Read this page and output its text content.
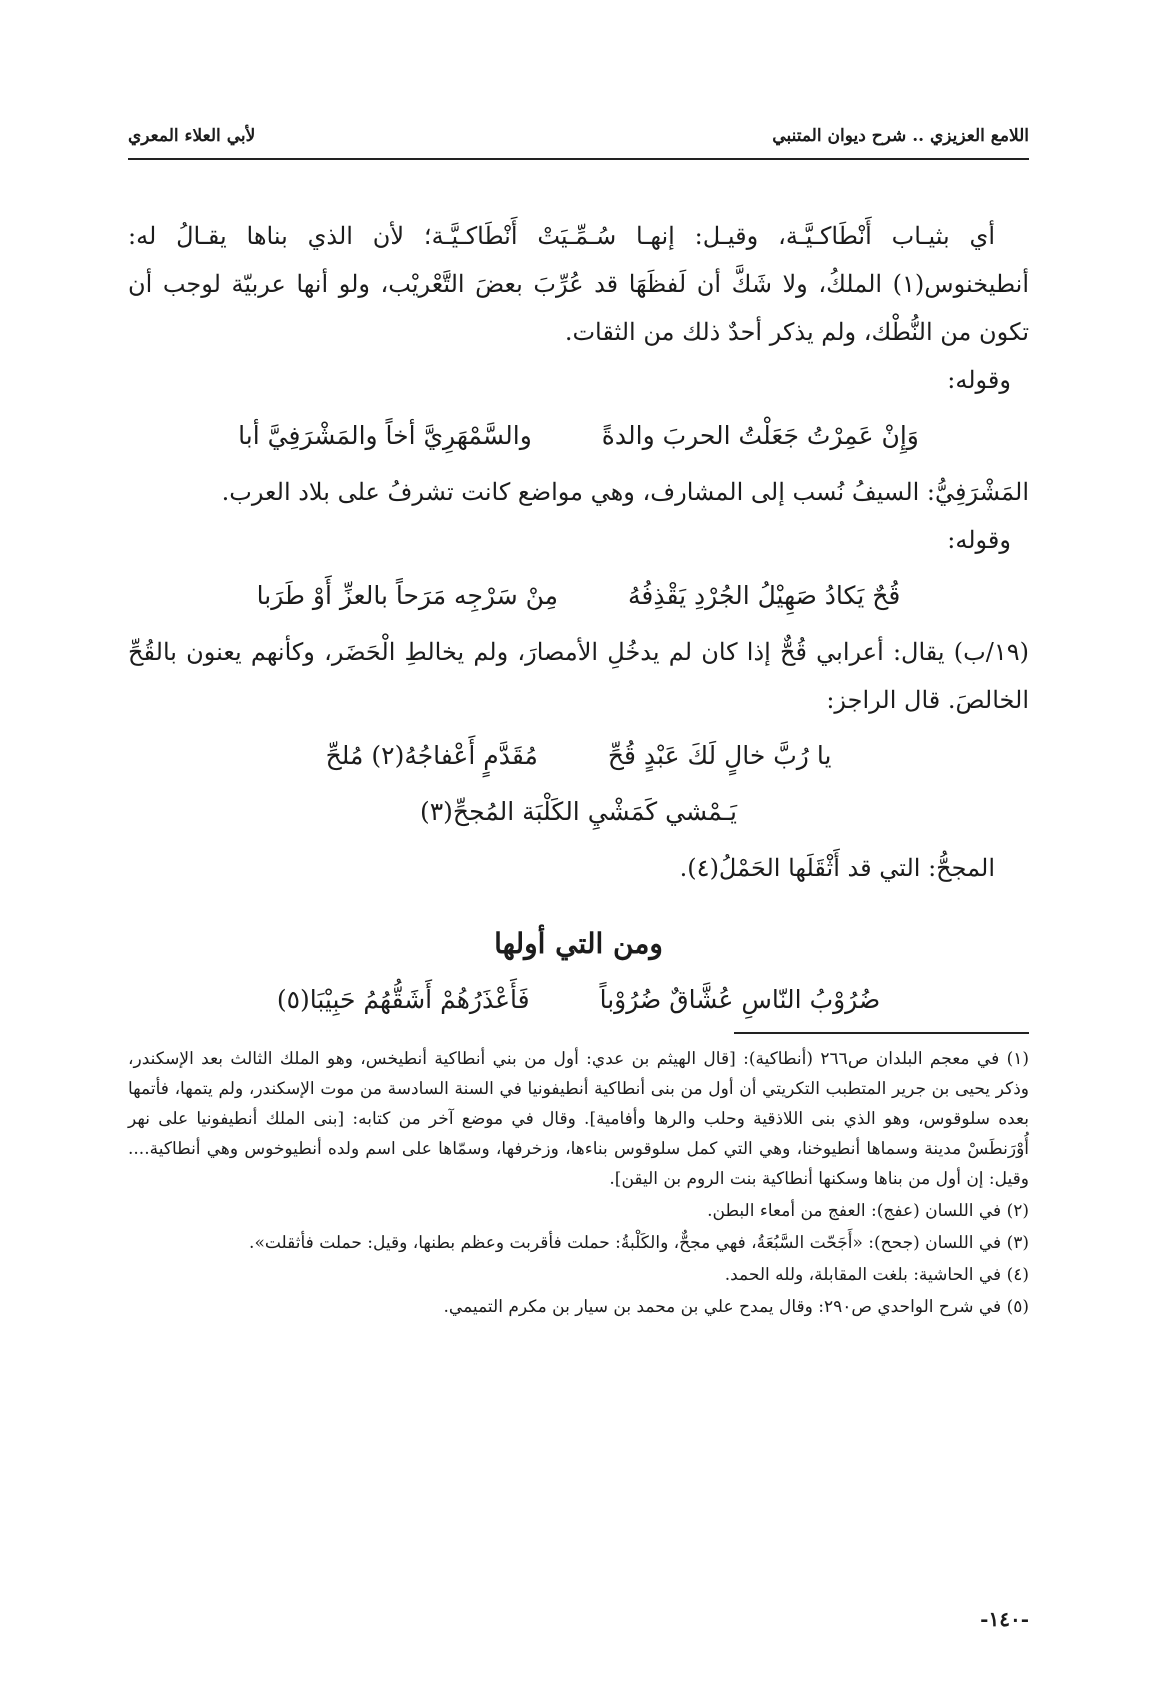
اللامع العزيزي .. شرح ديوان المتنبي
لأبي العلاء المعري

أي بثيـاب أَنْطَاكـيَّـة، وقيـل: إنهـا سُـمِّـيَتْ أَنْطَاكـيَّـة؛ لأن الذي بناها يقـالُ له: أنطيخنوس(١) الملكُ، ولا شَكَّ أن لَفظَهَا قد عُرِّبَ بعضَ التَّعْريْب، ولو أنها عربيّة لوجب أن تكون من النُّطْك، ولم يذكر أحدٌ ذلك من الثقات.

وقوله:

وَإِنْ عَمِرْتُ جَعَلْتُ الحربَ والدةً
والسَّمْهَرِيَّ أخاً والمَشْرَفِيَّ أبا

المَشْرَفِيُّ: السيفُ نُسب إلى المشارف، وهي مواضع كانت تشرفُ على بلاد العرب.

وقوله:

قُحٌ يَكادُ صَهِيْلُ الجُرْدِ يَقْذِفُهُ
مِنْ سَرْجِه مَرَحاً بالعزِّ أَوْ طَرَبا

(١٩/ب) يقال: أعرابي قُحٌّ إذا كان لم يدخُلِ الأمصارَ، ولم يخالطِ الْحَضَر، وكأنهم يعنون بالقُحِّ الخالصَ. قال الراجز:

يا رُبَّ خالٍ لَكَ عَبْدٍ قُحِّ
مُقَدَّمٍ أَعْفاجُهُ(٢) مُلحِّ
يَـمْشي كَمَشْيِ الكَلْبَة المُجحِّ(٣)

المجحُّ: التي قد أَثْقَلَها الحَمْلُ(٤).

ومن التي أولها
ضُرُوْبُ النّاسِ عُشَّاقٌ ضُرُوْباً
فَأَعْذَرُهُمْ أَشَقُّهُمُ حَبِيْبَا(٥)

(١) في معجم البلدان ص٢٦٦ (أنطاكية): [قال الهيثم بن عدي: أول من بني أنطاكية أنطيخس، وهو الملك الثالث بعد الإسكندر، وذكر يحيى بن جرير المتطبب التكريتي أن أول من بنى أنطاكية أنطيفونيا في السنة السادسة من موت الإسكندر، ولم يتمها، فأتمها بعده سلوقوس، وهو الذي بنى اللاذقية وحلب والرها وأفامية]. وقال في موضع آخر من كتابه: [بنى الملك أنطيفونيا على نهر أُوْرَنطَسْ مدينة وسماها أنطيوخنا، وهي التي كمل سلوقوس بناءها، وزخرفها، وسمّاها على اسم ولده أنطيوخوس وهي أنطاكية.... وقيل: إن أول من بناها وسكنها أنطاكية بنت الروم بن اليقن].

(٢) في اللسان (عفج): العفج من أمعاء البطن.

(٣) في اللسان (جحح): «أَجَحّت السَّبُعَةُ، فهي مجحٌّ، والكَلْبةُ: حملت فأقربت وعظم بطنها، وقيل: حملت فأثقلت».

(٤) في الحاشية: بلغت المقابلة، ولله الحمد.

(٥) في شرح الواحدي ص٢٩٠: وقال يمدح علي بن محمد بن سيار بن مكرم التميمي.

-١٤٠-
